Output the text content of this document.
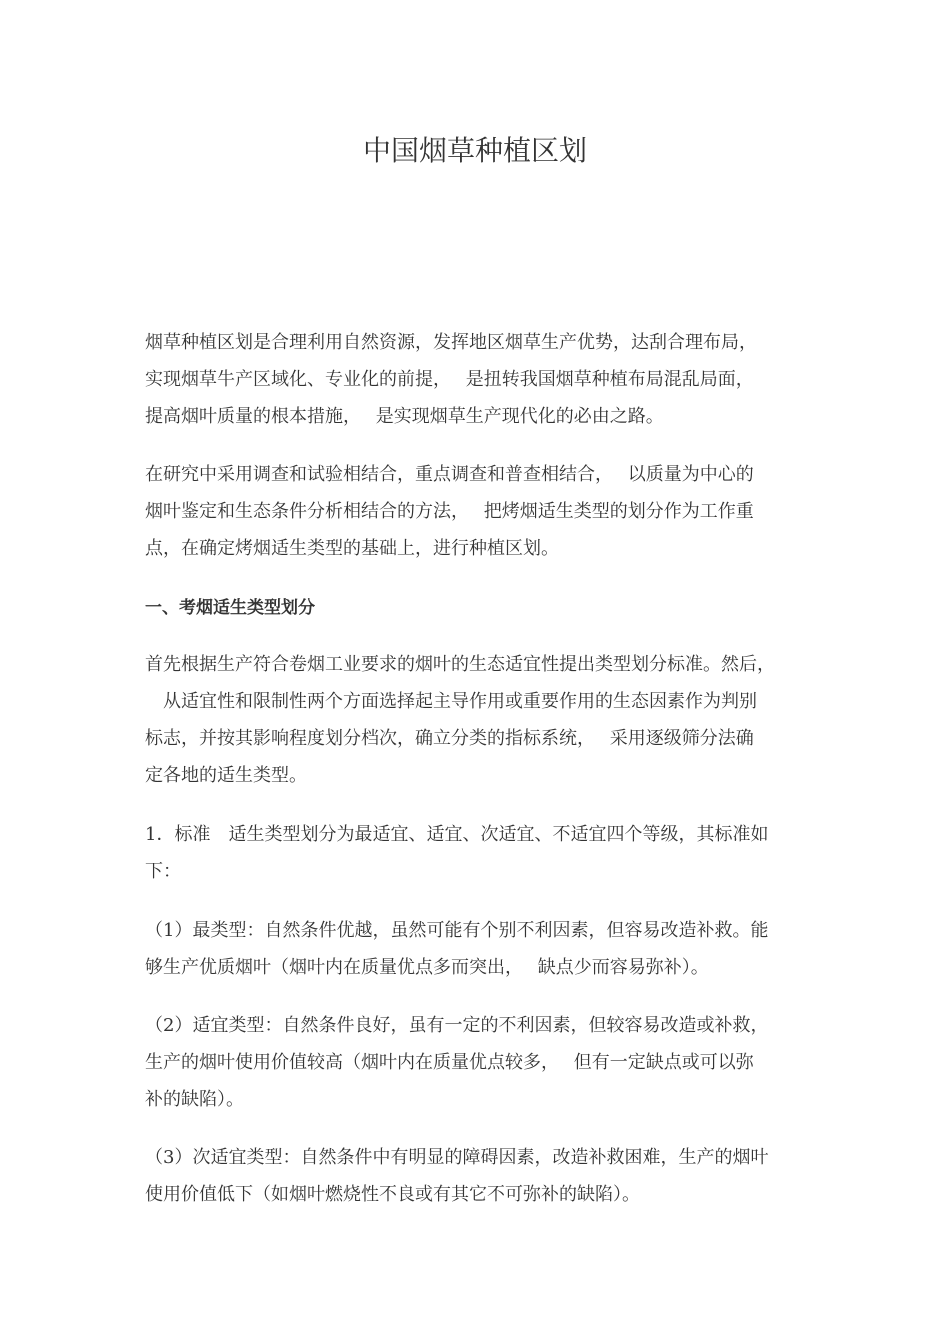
中国烟草种植区划

烟草种植区划是合理利用自然资源，发挥地区烟草生产优势，达刮合理布局，
实现烟草牛产区域化、专业化的前提，　 是扭转我国烟草种植布局混乱局面，
提高烟叶质量的根本措施，　 是实现烟草生产现代化的必由之路。

在研究中采用调查和试验相结合，重点调查和普查相结合，　 以质量为中心的
烟叶鉴定和生态条件分析相结合的方法，　 把烤烟适生类型的划分作为工作重
点，在确定烤烟适生类型的基础上，进行种植区划。

一、考烟适生类型划分

首先根据生产符合卷烟工业要求的烟叶的生态适宜性提出类型划分标准。然后，
　从适宜性和限制性两个方面选择起主导作用或重要作用的生态因素作为判别
标志，并按其影响程度划分档次，确立分类的指标系统，　 采用逐级筛分法确
定各地的适生类型。

1．标准　适生类型划分为最适宜、适宜、次适宜、不适宜四个等级，其标准如
下：

（1）最类型：自然条件优越，虽然可能有个别不利因素，但容易改造补救。能
够生产优质烟叶（烟叶内在质量优点多而突出，　 缺点少而容易弥补）。

（2）适宜类型：自然条件良好，虽有一定的不利因素，但较容易改造或补救，
生产的烟叶使用价值较高（烟叶内在质量优点较多，　 但有一定缺点或可以弥
补的缺陷）。

（3）次适宜类型：自然条件中有明显的障碍因素，改造补救困难，生产的烟叶
使用价值低下（如烟叶燃烧性不良或有其它不可弥补的缺陷）。
